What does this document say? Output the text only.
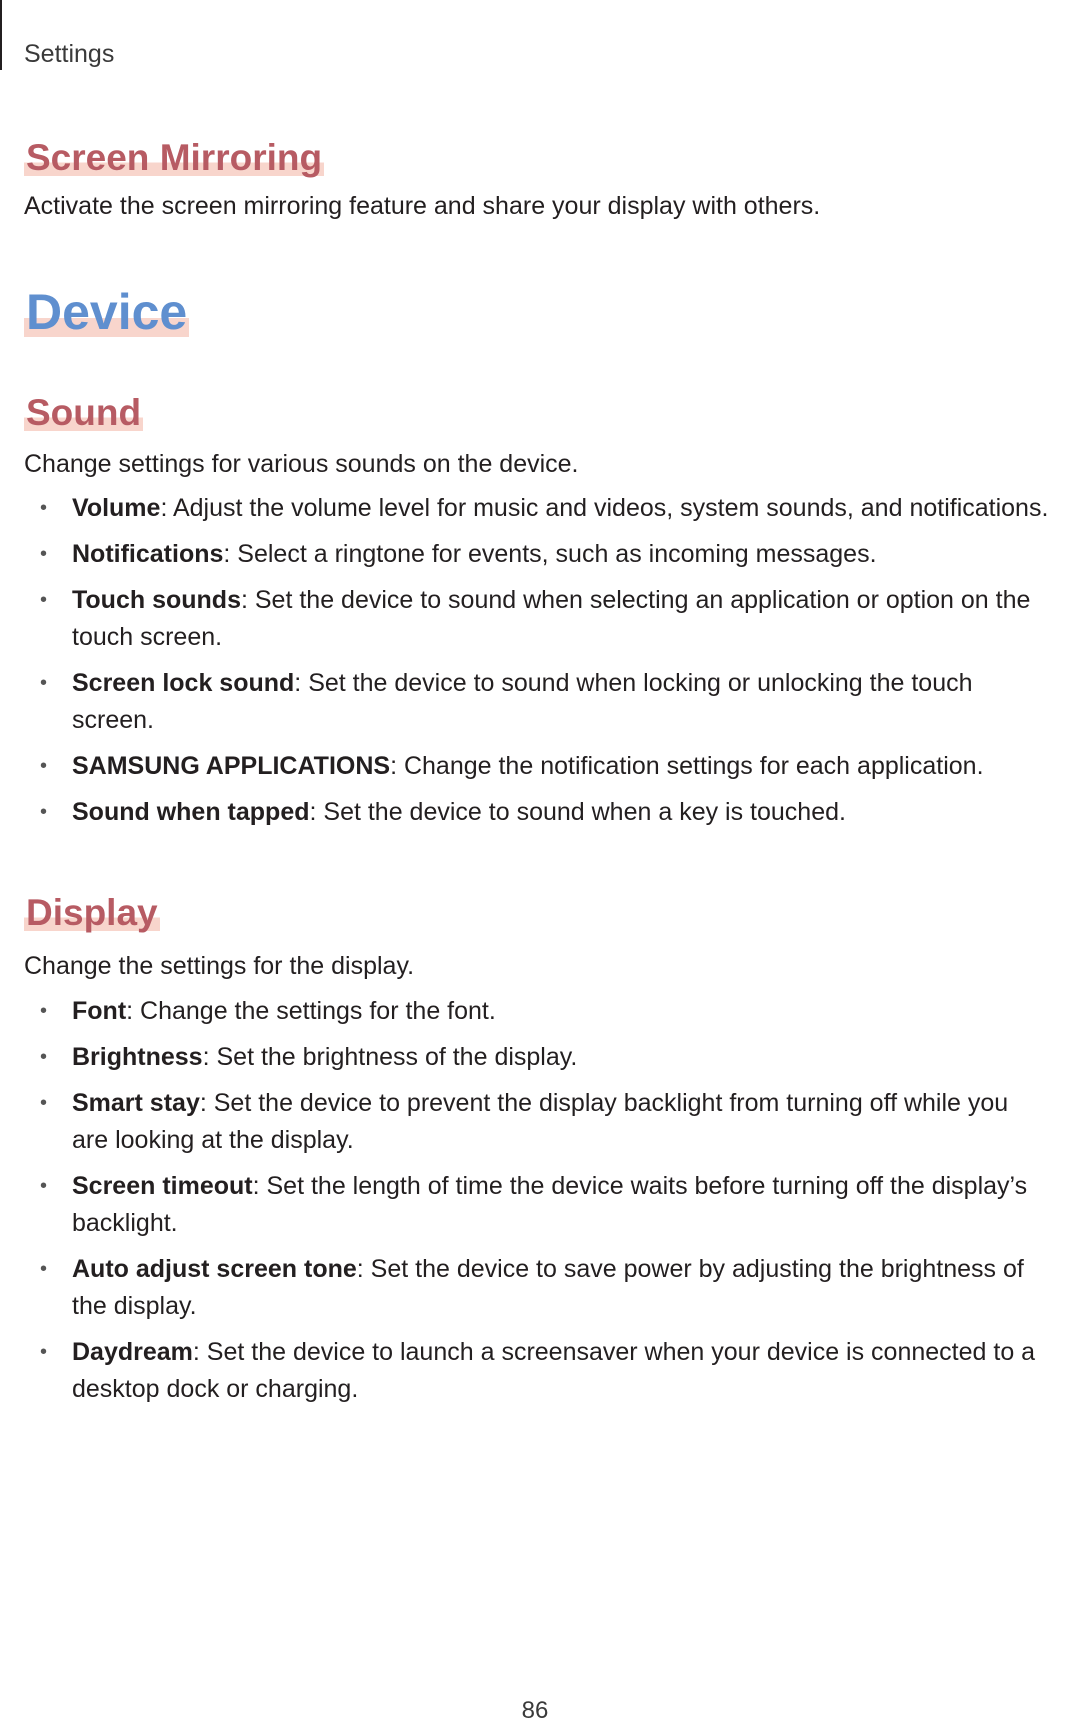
Settings
Screen Mirroring
Activate the screen mirroring feature and share your display with others.
Device
Sound
Change settings for various sounds on the device.
• Volume: Adjust the volume level for music and videos, system sounds, and notifications.
• Notifications: Select a ringtone for events, such as incoming messages.
• Touch sounds: Set the device to sound when selecting an application or option on the touch screen.
• Screen lock sound: Set the device to sound when locking or unlocking the touch screen.
• SAMSUNG APPLICATIONS: Change the notification settings for each application.
• Sound when tapped: Set the device to sound when a key is touched.
Display
Change the settings for the display.
• Font: Change the settings for the font.
• Brightness: Set the brightness of the display.
• Smart stay: Set the device to prevent the display backlight from turning off while you are looking at the display.
• Screen timeout: Set the length of time the device waits before turning off the display’s backlight.
• Auto adjust screen tone: Set the device to save power by adjusting the brightness of the display.
• Daydream: Set the device to launch a screensaver when your device is connected to a desktop dock or charging.
86
